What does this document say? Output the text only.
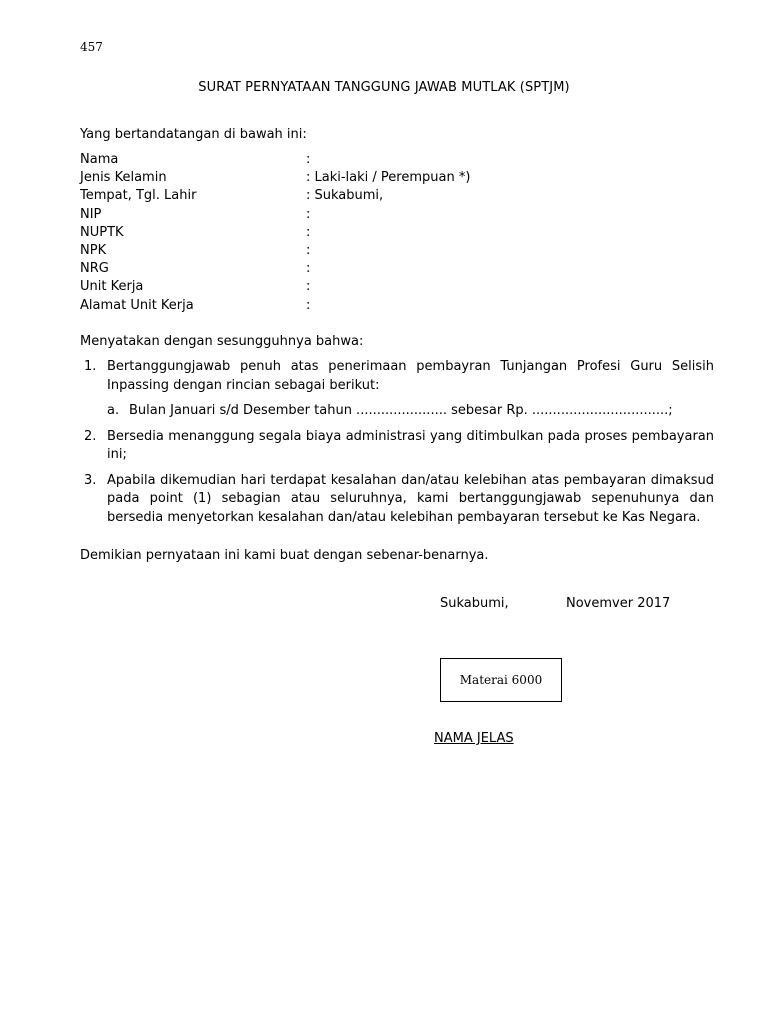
457
SURAT PERNYATAAN TANGGUNG JAWAB MUTLAK (SPTJM)
Yang bertandatangan di bawah ini:
Nama	:
Jenis Kelamin	: Laki-laki / Perempuan *)
Tempat, Tgl. Lahir	: Sukabumi,
NIP	:
NUPTK	:
NPK	:
NRG	:
Unit Kerja	:
Alamat Unit Kerja	:
Menyatakan dengan sesungguhnya bahwa:
1. Bertanggungjawab penuh atas penerimaan pembayran Tunjangan Profesi Guru Selisih Inpassing dengan rincian sebagai berikut:
a. Bulan Januari s/d Desember tahun ...................... sebesar Rp. .................................;
2. Bersedia menanggung segala biaya administrasi yang ditimbulkan pada proses pembayaran ini;
3. Apabila dikemudian hari terdapat kesalahan dan/atau kelebihan atas pembayaran dimaksud pada point (1) sebagian atau seluruhnya, kami bertanggungjawab sepenuhunya dan bersedia menyetorkan kesalahan dan/atau kelebihan pembayaran tersebut ke Kas Negara.
Demikian pernyataan ini kami buat dengan sebenar-benarnya.
Sukabumi,	Novemver 2017
Materai 6000
NAMA JELAS
